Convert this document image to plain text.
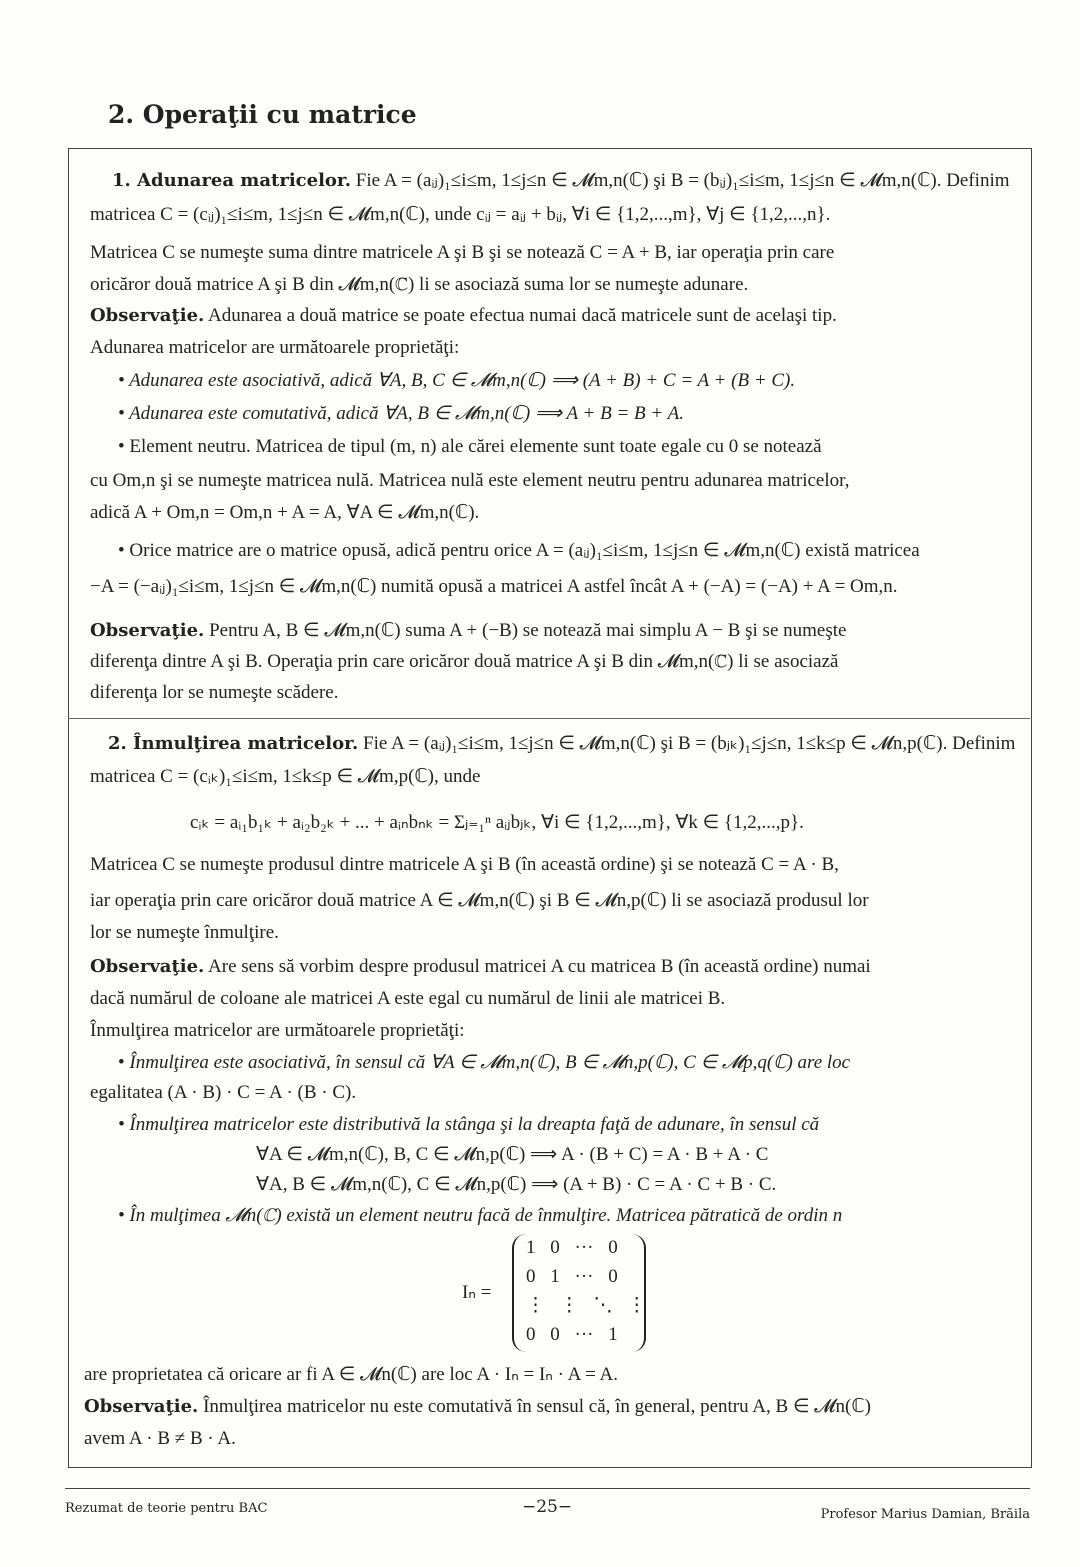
2. Operaţii cu matrice
1. Adunarea matricelor. Fie A = (aᵢⱼ)₁≤i≤m, 1≤j≤n ∈ 𝓜m,n(ℂ) şi B = (bᵢⱼ)₁≤i≤m, 1≤j≤n ∈ 𝓜m,n(ℂ). Definim
matricea C = (cᵢⱼ)₁≤i≤m, 1≤j≤n ∈ 𝓜m,n(ℂ), unde cᵢⱼ = aᵢⱼ + bᵢⱼ, ∀i ∈ {1,2,...,m}, ∀j ∈ {1,2,...,n}.
Matricea C se numeşte suma dintre matricele A şi B şi se notează C = A + B, iar operaţia prin care
oricăror două matrice A şi B din 𝓜m,n(ℂ) li se asociază suma lor se numeşte adunare.
Observaţie. Adunarea a două matrice se poate efectua numai dacă matricele sunt de acelaşi tip.
Adunarea matricelor are următoarele proprietăţi:
• Adunarea este asociativă, adică ∀A, B, C ∈ 𝓜m,n(ℂ) ⟹ (A + B) + C = A + (B + C).
• Adunarea este comutativă, adică ∀A, B ∈ 𝓜m,n(ℂ) ⟹ A + B = B + A.
• Element neutru. Matricea de tipul (m, n) ale cărei elemente sunt toate egale cu 0 se notează
cu Om,n şi se numeşte matricea nulă. Matricea nulă este element neutru pentru adunarea matricelor,
adică A + Om,n = Om,n + A = A, ∀A ∈ 𝓜m,n(ℂ).
• Orice matrice are o matrice opusă, adică pentru orice A = (aᵢⱼ)₁≤i≤m, 1≤j≤n ∈ 𝓜m,n(ℂ) există matricea
−A = (−aᵢⱼ)₁≤i≤m, 1≤j≤n ∈ 𝓜m,n(ℂ) numită opusă a matricei A astfel încât A + (−A) = (−A) + A = Om,n.
Observaţie. Pentru A, B ∈ 𝓜m,n(ℂ) suma A + (−B) se notează mai simplu A − B şi se numeşte
diferenţa dintre A şi B. Operaţia prin care oricăror două matrice A şi B din 𝓜m,n(ℂ) li se asociază
diferenţa lor se numeşte scădere.
2. Înmulţirea matricelor. Fie A = (aᵢⱼ)₁≤i≤m, 1≤j≤n ∈ 𝓜m,n(ℂ) şi B = (bⱼₖ)₁≤j≤n, 1≤k≤p ∈ 𝓜n,p(ℂ). Definim
matricea C = (cᵢₖ)₁≤i≤m, 1≤k≤p ∈ 𝓜m,p(ℂ), unde
cᵢₖ = aᵢ₁b₁ₖ + aᵢ₂b₂ₖ + ... + aᵢₙbₙₖ = Σⱼ₌₁ⁿ aᵢⱼbⱼₖ, ∀i ∈ {1,2,...,m}, ∀k ∈ {1,2,...,p}.
Matricea C se numeşte produsul dintre matricele A şi B (în această ordine) şi se notează C = A · B,
iar operaţia prin care oricăror două matrice A ∈ 𝓜m,n(ℂ) şi B ∈ 𝓜n,p(ℂ) li se asociază produsul lor
lor se numeşte înmulţire.
Observaţie. Are sens să vorbim despre produsul matricei A cu matricea B (în această ordine) numai
dacă numărul de coloane ale matricei A este egal cu numărul de linii ale matricei B.
Înmulţirea matricelor are următoarele proprietăţi:
• Înmulţirea este asociativă, în sensul că ∀A ∈ 𝓜m,n(ℂ), B ∈ 𝓜n,p(ℂ), C ∈ 𝓜p,q(ℂ) are loc
egalitatea (A · B) · C = A · (B · C).
• Înmulţirea matricelor este distributivă la stânga şi la dreapta faţă de adunare, în sensul că
∀A ∈ 𝓜m,n(ℂ), B, C ∈ 𝓜n,p(ℂ) ⟹ A · (B + C) = A · B + A · C
∀A, B ∈ 𝓜m,n(ℂ), C ∈ 𝓜n,p(ℂ) ⟹ (A + B) · C = A · C + B · C.
• În mulţimea 𝓜n(ℂ) există un element neutru facă de înmulţire. Matricea pătratică de ordin n
Iₙ =
1 0 ··· 0
0 1 ··· 0
⋮ ⋮ ⋱ ⋮
0 0 ··· 1
are proprietatea că oricare ar fi A ∈ 𝓜n(ℂ) are loc A · Iₙ = Iₙ · A = A.
Observaţie. Înmulţirea matricelor nu este comutativă în sensul că, în general, pentru A, B ∈ 𝓜n(ℂ)
avem A · B ≠ B · A.
Rezumat de teorie pentru BAC	−25−	Profesor Marius Damian, Brăila
